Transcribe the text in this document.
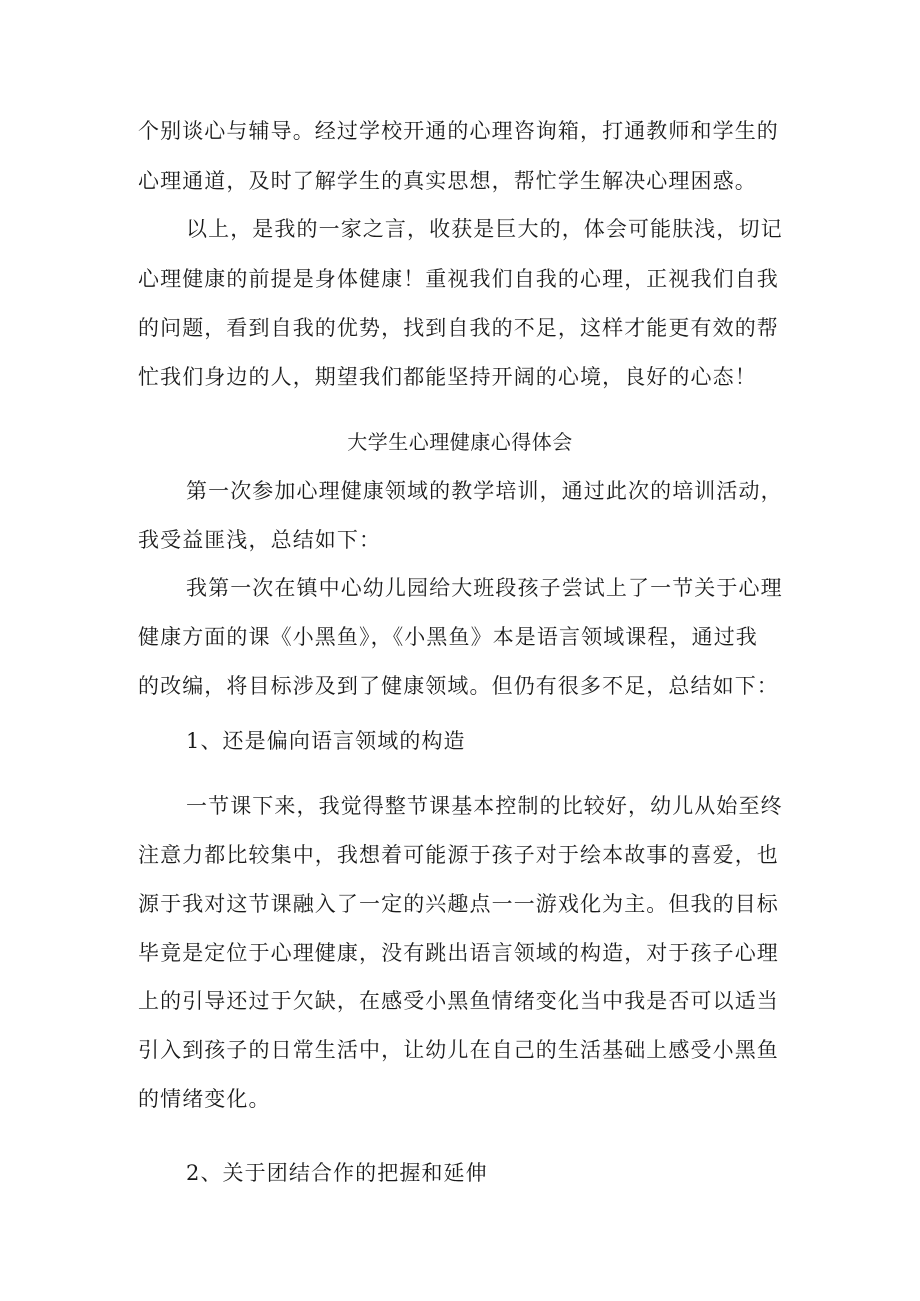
个别谈心与辅导。经过学校开通的心理咨询箱，打通教师和学生的
心理通道，及时了解学生的真实思想，帮忙学生解决心理困惑。
以上，是我的一家之言，收获是巨大的，体会可能肤浅，切记
心理健康的前提是身体健康！重视我们自我的心理，正视我们自我
的问题，看到自我的优势，找到自我的不足，这样才能更有效的帮
忙我们身边的人，期望我们都能坚持开阔的心境，良好的心态！
大学生心理健康心得体会
第一次参加心理健康领域的教学培训，通过此次的培训活动，
我受益匪浅，总结如下：
我第一次在镇中心幼儿园给大班段孩子尝试上了一节关于心理
健康方面的课《小黑鱼》，《小黑鱼》本是语言领域课程，通过我
的改编，将目标涉及到了健康领域。但仍有很多不足，总结如下：
1、还是偏向语言领域的构造
一节课下来，我觉得整节课基本控制的比较好，幼儿从始至终
注意力都比较集中，我想着可能源于孩子对于绘本故事的喜爱，也
源于我对这节课融入了一定的兴趣点一一游戏化为主。但我的目标
毕竟是定位于心理健康，没有跳出语言领域的构造，对于孩子心理
上的引导还过于欠缺，在感受小黑鱼情绪变化当中我是否可以适当
引入到孩子的日常生活中，让幼儿在自己的生活基础上感受小黑鱼
的情绪变化。
2、关于团结合作的把握和延伸
